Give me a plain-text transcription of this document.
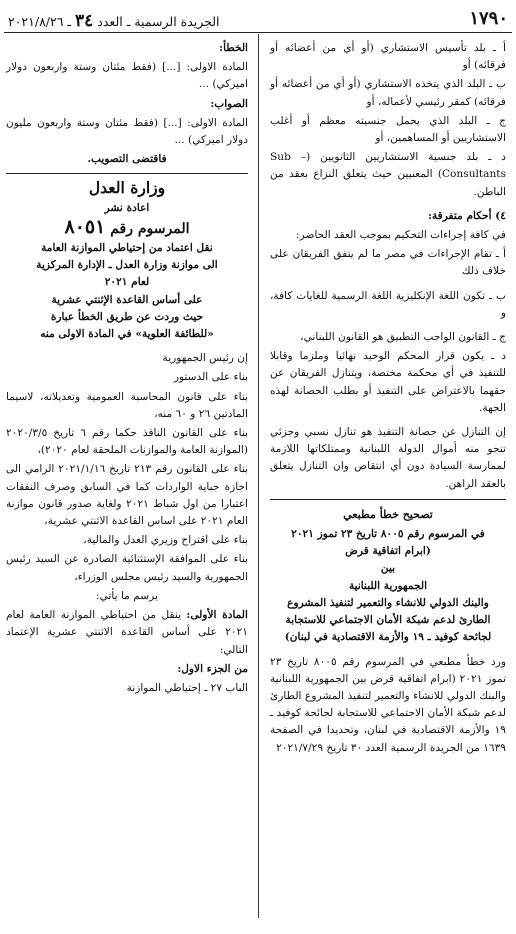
١٧٩٠
الجريدة الرسمية ـ العدد ٣٤ ـ ٢٠٢١/٨/٢٦

أ ـ بلد تأسيس الاستشاري (أو أي من أعضائه أو فرقائه) أو

ب ـ البلد الذي يتخذه الاستشاري (أو أي من أعضائه أو فرقائه) كمقر رئيسي لأعماله، أو

ج ـ البلد الذي يحمل جنسيته معظم أو أغلب الاستشاريين أو المساهمين، أو

د ـ بلد جنسية الاستشاريين الثانويين (Sub – Consultants) المعنيين حيث يتعلق النزاع بعقد من الباطن.

٤) أحكام متفرقة:

في كافة إجراءات التحكيم بموجب العقد الحاضر:

أ ـ تقام الإجراءات في مصر ما لم يتفق الفريقان على خلاف ذلك

ب ـ تكون اللغة الإنكليزية اللغة الرسمية للغايات كافة، و

ج ـ القانون الواجب التطبيق هو القانون اللبناني،

د ـ يكون قرار المحكم الوحيد نهائيا وملزما وقابلا للتنفيذ في أي محكمة مختصة، ويتنازل الفريقان عن حقهما بالاعتراض على التنفيذ أو بطلب الحصانة لهذه الجهة.

إن التنازل عن حصانة التنفيذ هو تنازل نسبي وجزئي تنجو منه أموال الدولة اللبنانية وممتلكاتها اللازمة لممارسة السيادة دون أي انتقاص وان التنازل يتعلق بالعقد الراهن.

تصحيح خطأ مطبعي

في المرسوم رقم ٨٠٠٥ تاريخ ٢٣ تموز ٢٠٢١

(ابرام اتفاقية قرض

بين

الجمهورية اللبنانية

والبنك الدولي للانشاء والتعمير لتنفيذ المشروع الطارئ لدعم شبكة الأمان الاجتماعي للاستجابة لجائحة كوفيد ـ ١٩ والأزمة الاقتصادية في لبنان)

ورد خطأ مطبعي في المرسوم رقم ٨٠٠٥ تاريخ ٢٣ تموز ٢٠٢١ (ابرام اتفاقية قرض بين الجمهورية اللبنانية والبنك الدولي للانشاء والتعمير لتنفيذ المشروع الطارئ لدعم شبكة الأمان الاجتماعي للاستجابة لجائحة كوفيد ـ ١٩ والأزمة الاقتصادية في لبنان، وتحديدا في الصفحة ١٦٣٩ من الجريدة الرسمية العدد ٣٠ تاريخ ٢٠٢١/٧/٢٩

الخطأ:

المادة الاولى: [...] (فقط مئتان وستة واربعون دولار اميركي) ...

الصواب:

المادة الاولى: [...] (فقط مئتان وستة واربعون مليون دولار اميركي) ...

فاقتضى التصويب.

وزارة العدل

اعادة نشر

المرسوم رقم ٨٠٥١

نقل اعتماد من إحتياطي الموازنة العامة

الى موازنة وزارة العدل ـ الإدارة المركزية

لعام ٢٠٢١

على أساس القاعدة الإثنتي عشرية

حيث وردت عن طريق الخطأ عبارة

«للطائفة العلوية» في المادة الاولى منه

إن رئيس الجمهورية

بناء على الدستور

بناء على قانون المحاسبة العمومية وتعديلاته، لاسيما المادتين ٢٦ و ٦٠ منه،

بناء على القانون النافذ حكما رقم ٦ تاريخ ٢٠٢٠/٣/٥ (الموازنة العامة والموازنات الملحقة لعام ٢٠٢٠)،

بناء على القانون رقم ٢١٣ تاريخ ٢٠٢١/١/١٦ الرامي الى اجازة جباية الواردات كما في السابق وصرف النفقات اعتبارا من اول شباط ٢٠٢١ ولغاية صدور قانون موازنة العام ٢٠٢١ على اساس القاعدة الاثنتي عشرية،

بناء على اقتراح وزيري العدل والمالية،

بناء على الموافقة الإستثنائية الصادرة عن السيد رئيس الجمهورية والسيد رئيس مجلس الوزراء،

يرسم ما يأتي:

المادة الأولى: ينقل من احتياطي الموازنة العامة لعام ٢٠٢١ على أساس القاعدة الاثنتي عشرية الإعتماد التالي:

من الجزء الاول:

الباب ٢٧ ـ إحتياطي الموازنة
